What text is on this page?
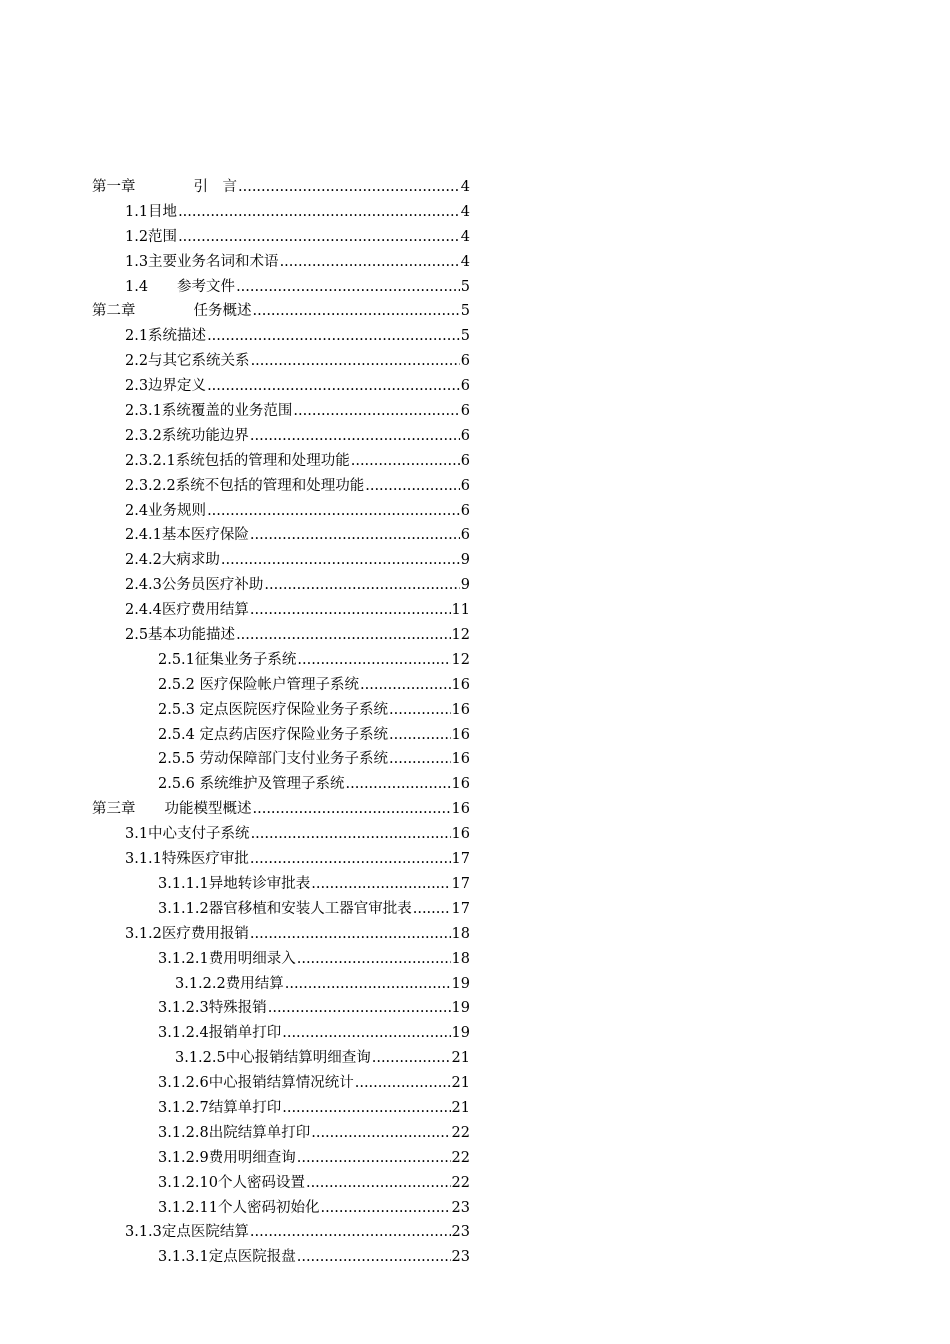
第一章　　　　引　言 .....	4
1.1目地 .....	4
1.2范围 .....	4
1.3主要业务名词和术语 .....	4
1.4　　参考文件 .....	5
第二章　　　　任务概述 .....	5
2.1系统描述 .....	5
2.2与其它系统关系 .....	6
2.3边界定义 .....	6
2.3.1系统覆盖的业务范围 .....	6
2.3.2系统功能边界 .....	6
2.3.2.1系统包括的管理和处理功能 .....	6
2.3.2.2系统不包括的管理和处理功能 .....	6
2.4业务规则 .....	6
2.4.1基本医疗保险 .....	6
2.4.2大病求助 .....	9
2.4.3公务员医疗补助 .....	9
2.4.4医疗费用结算 .....	11
2.5基本功能描述 .....	12
2.5.1征集业务子系统 .....	12
2.5.2 医疗保险帐户管理子系统 .....	16
2.5.3 定点医院医疗保险业务子系统 .....	16
2.5.4 定点药店医疗保险业务子系统 .....	16
2.5.5 劳动保障部门支付业务子系统 .....	16
2.5.6 系统维护及管理子系统 .....	16
第三章　　功能模型概述 .....	16
3.1中心支付子系统 .....	16
3.1.1特殊医疗审批 .....	17
3.1.1.1异地转诊审批表 .....	17
3.1.1.2器官移植和安装人工器官审批表 .....	17
3.1.2医疗费用报销 .....	18
3.1.2.1费用明细录入 .....	18
3.1.2.2费用结算 .....	19
3.1.2.3特殊报销 .....	19
3.1.2.4报销单打印 .....	19
3.1.2.5中心报销结算明细查询 .....	21
3.1.2.6中心报销结算情况统计 .....	21
3.1.2.7结算单打印 .....	21
3.1.2.8出院结算单打印 .....	22
3.1.2.9费用明细查询 .....	22
3.1.2.10个人密码设置 .....	22
3.1.2.11个人密码初始化 .....	23
3.1.3定点医院结算 .....	23
3.1.3.1定点医院报盘 .....	23
